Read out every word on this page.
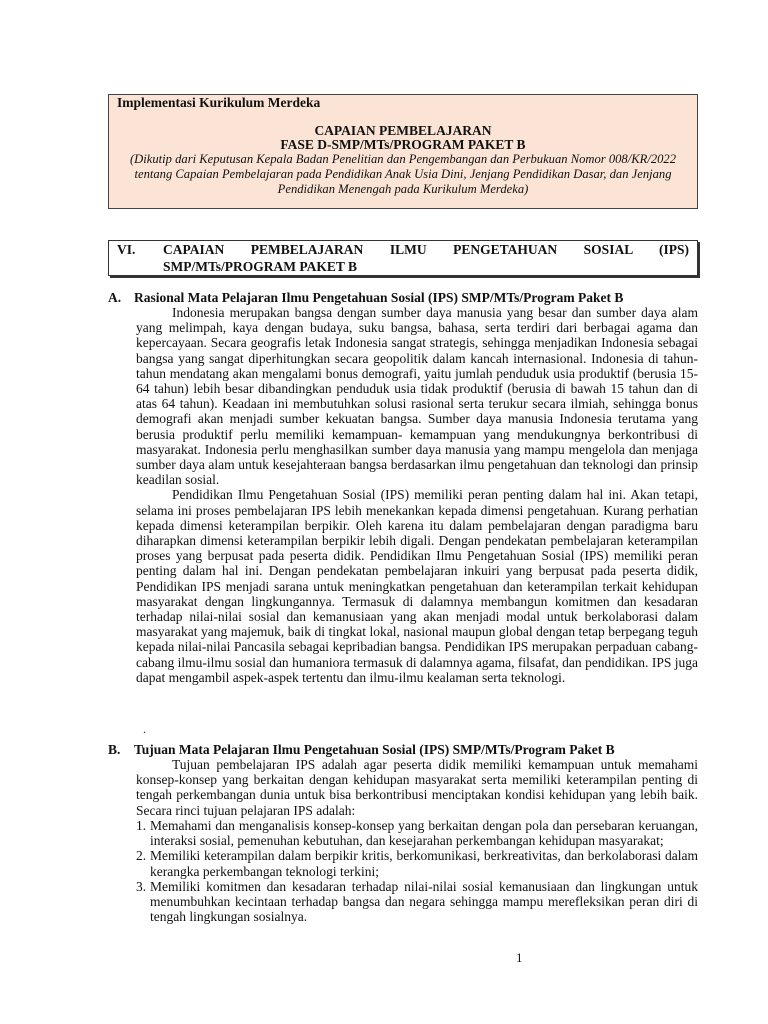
Implementasi Kurikulum Merdeka
CAPAIAN PEMBELAJARAN
FASE D-SMP/MTs/PROGRAM PAKET B
(Dikutip dari Keputusan Kepala Badan Penelitian dan Pengembangan dan Perbukuan Nomor 008/KR/2022 tentang Capaian Pembelajaran pada Pendidikan Anak Usia Dini, Jenjang Pendidikan Dasar, dan Jenjang Pendidikan Menengah pada Kurikulum Merdeka)
VI. CAPAIAN PEMBELAJARAN ILMU PENGETAHUAN SOSIAL (IPS)
SMP/MTs/PROGRAM PAKET B
A. Rasional Mata Pelajaran Ilmu Pengetahuan Sosial (IPS) SMP/MTs/Program Paket B

Indonesia merupakan bangsa dengan sumber daya manusia yang besar dan sumber daya alam yang melimpah, kaya dengan budaya, suku bangsa, bahasa, serta terdiri dari berbagai agama dan kepercayaan. Secara geografis letak Indonesia sangat strategis, sehingga menjadikan Indonesia sebagai bangsa yang sangat diperhitungkan secara geopolitik dalam kancah internasional. Indonesia di tahun-tahun mendatang akan mengalami bonus demografi, yaitu jumlah penduduk usia produktif (berusia 15-64 tahun) lebih besar dibandingkan penduduk usia tidak produktif (berusia di bawah 15 tahun dan di atas 64 tahun). Keadaan ini membutuhkan solusi rasional serta terukur secara ilmiah, sehingga bonus demografi akan menjadi sumber kekuatan bangsa. Sumber daya manusia Indonesia terutama yang berusia produktif perlu memiliki kemampuan- kemampuan yang mendukungnya berkontribusi di masyarakat. Indonesia perlu menghasilkan sumber daya manusia yang mampu mengelola dan menjaga sumber daya alam untuk kesejahteraan bangsa berdasarkan ilmu pengetahuan dan teknologi dan prinsip keadilan sosial.

Pendidikan Ilmu Pengetahuan Sosial (IPS) memiliki peran penting dalam hal ini. Akan tetapi, selama ini proses pembelajaran IPS lebih menekankan kepada dimensi pengetahuan. Kurang perhatian kepada dimensi keterampilan berpikir. Oleh karena itu dalam pembelajaran dengan paradigma baru diharapkan dimensi keterampilan berpikir lebih digali. Dengan pendekatan pembelajaran keterampilan proses yang berpusat pada peserta didik. Pendidikan Ilmu Pengetahuan Sosial (IPS) memiliki peran penting dalam hal ini. Dengan pendekatan pembelajaran inkuiri yang berpusat pada peserta didik, Pendidikan IPS menjadi sarana untuk meningkatkan pengetahuan dan keterampilan terkait kehidupan masyarakat dengan lingkungannya. Termasuk di dalamnya membangun komitmen dan kesadaran terhadap nilai-nilai sosial dan kemanusiaan yang akan menjadi modal untuk berkolaborasi dalam masyarakat yang majemuk, baik di tingkat lokal, nasional maupun global dengan tetap berpegang teguh kepada nilai-nilai Pancasila sebagai kepribadian bangsa. Pendidikan IPS merupakan perpaduan cabang- cabang ilmu-ilmu sosial dan humaniora termasuk di dalamnya agama, filsafat, dan pendidikan. IPS juga dapat mengambil aspek-aspek tertentu dan ilmu-ilmu kealaman serta teknologi.

.
B. Tujuan Mata Pelajaran Ilmu Pengetahuan Sosial (IPS) SMP/MTs/Program Paket B

Tujuan pembelajaran IPS adalah agar peserta didik memiliki kemampuan untuk memahami konsep-konsep yang berkaitan dengan kehidupan masyarakat serta memiliki keterampilan penting di tengah perkembangan dunia untuk bisa berkontribusi menciptakan kondisi kehidupan yang lebih baik. Secara rinci tujuan pelajaran IPS adalah:

1. Memahami dan menganalisis konsep-konsep yang berkaitan dengan pola dan persebaran keruangan, interaksi sosial, pemenuhan kebutuhan, dan kesejarahan perkembangan kehidupan masyarakat;
2. Memiliki keterampilan dalam berpikir kritis, berkomunikasi, berkreativitas, dan berkolaborasi dalam kerangka perkembangan teknologi terkini;
3. Memiliki komitmen dan kesadaran terhadap nilai-nilai sosial kemanusiaan dan lingkungan untuk menumbuhkan kecintaan terhadap bangsa dan negara sehingga mampu merefleksikan peran diri di tengah lingkungan sosialnya.
1
